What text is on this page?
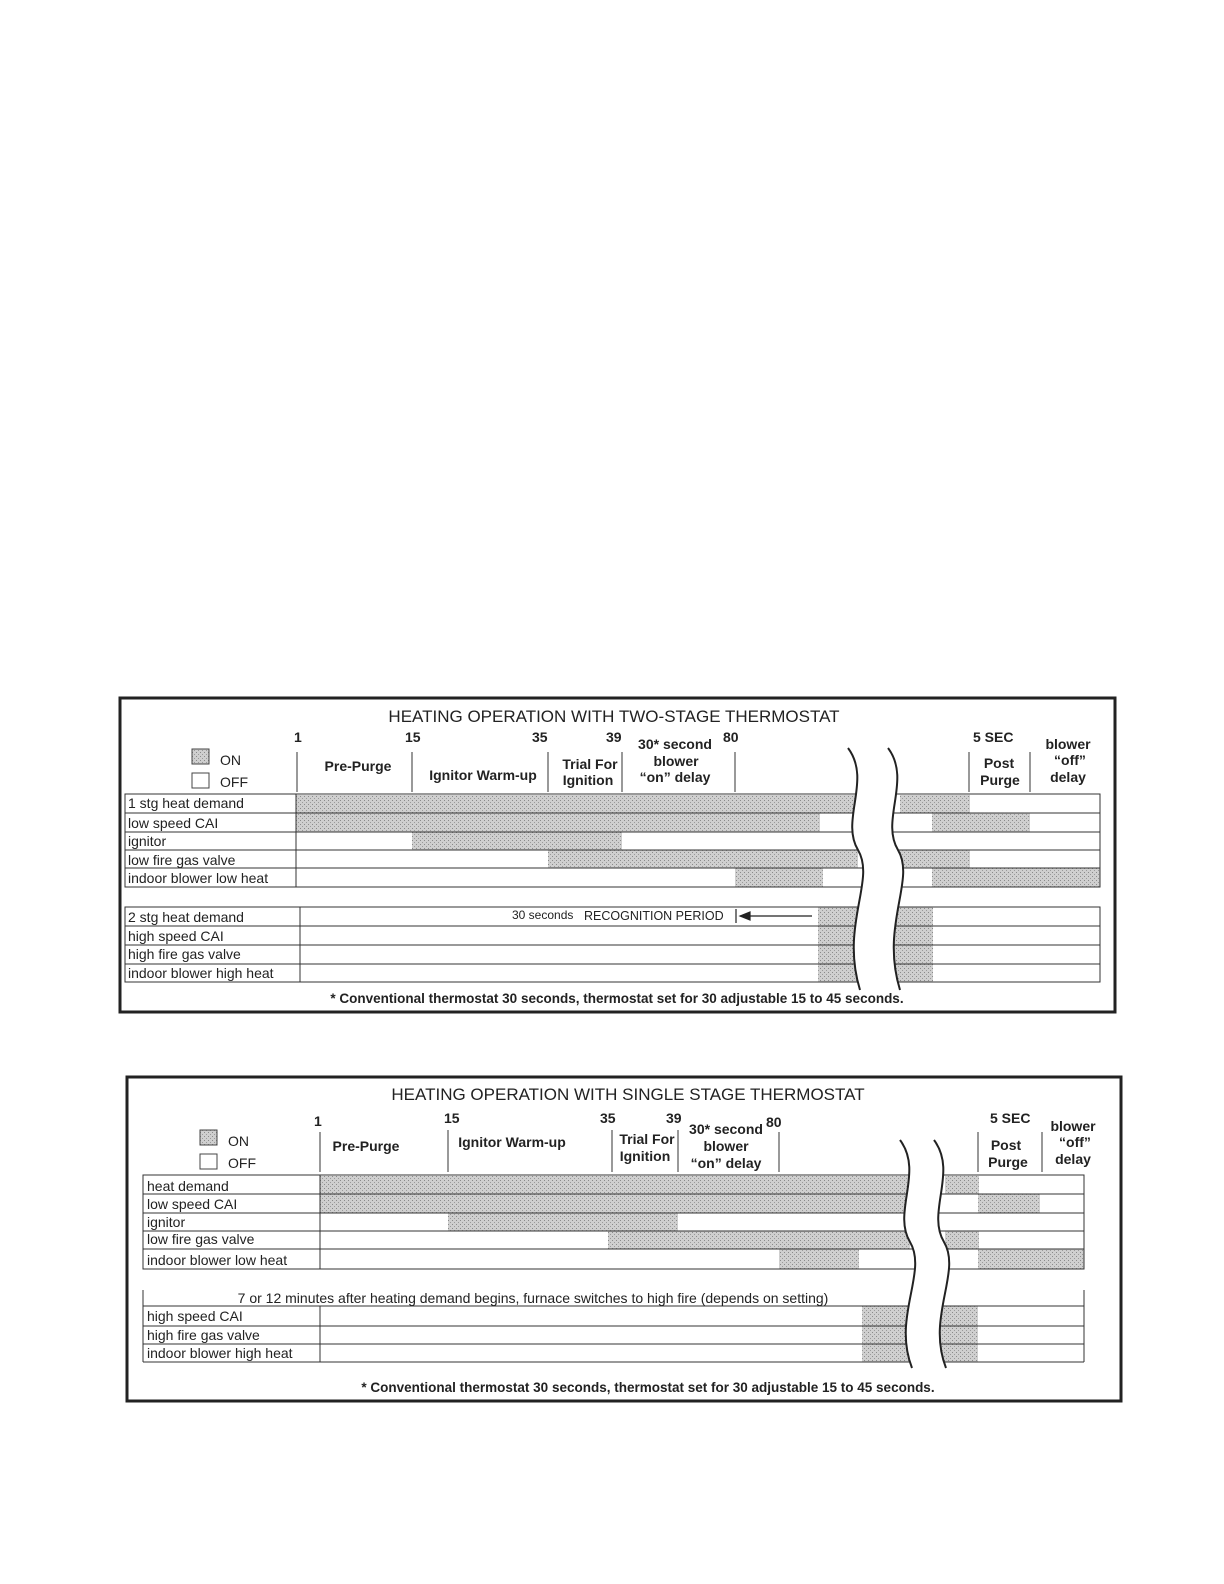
HEATING OPERATION WITH TWO-STAGE THERMOSTAT
ON
OFF
1	15	35	39	80	5 SEC
Pre-Purge
Ignitor Warm-up
Trial For
Ignition
30* second
blower
“on” delay
Post
Purge
blower
“off”
delay
1 stg heat demand
low speed CAI
ignitor
low fire gas valve
indoor blower low heat
2 stg heat demand
high speed CAI
high fire gas valve
indoor blower high heat
30 seconds RECOGNITION PERIOD
* Conventional thermostat 30 seconds, thermostat set for 30 adjustable 15 to 45 seconds.
HEATING OPERATION WITH SINGLE STAGE THERMOSTAT
ON
OFF
1	15	35	39	80	5 SEC
Pre-Purge	Ignitor Warm-up	Trial For
Ignition
30* second
blower
“on” delay
Post
Purge
blower
“off”
delay
heat demand
low speed CAI
ignitor
low fire gas valve
indoor blower low heat
high speed CAI
high fire gas valve
indoor blower high heat
7 or 12 minutes after heating demand begins, furnace switches to high fire (depends on setting)
* Conventional thermostat 30 seconds, thermostat set for 30 adjustable 15 to 45 seconds.
